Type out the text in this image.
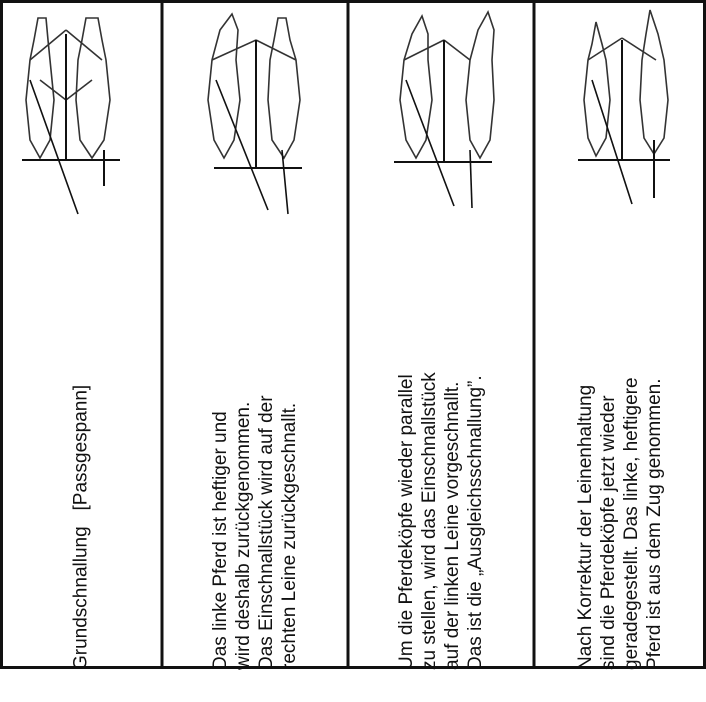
Grundschnallung   [Passgespann]	Das linke Pferd ist heftiger und
wird deshalb zurückgenommen.
Das Einschnallstück wird auf der
rechten Leine zurückgeschnallt.
Um die Pferdeköpfe wieder parallel
zu stellen, wird das Einschnallstück
auf der linken Leine vorgeschnallt.
Das ist die „Ausgleichsschnallung”.
Nach Korrektur der Leinenhaltung
sind die Pferdeköpfe jetzt wieder
geradegestellt. Das linke, heftigere
Pferd ist aus dem Zug genommen.
